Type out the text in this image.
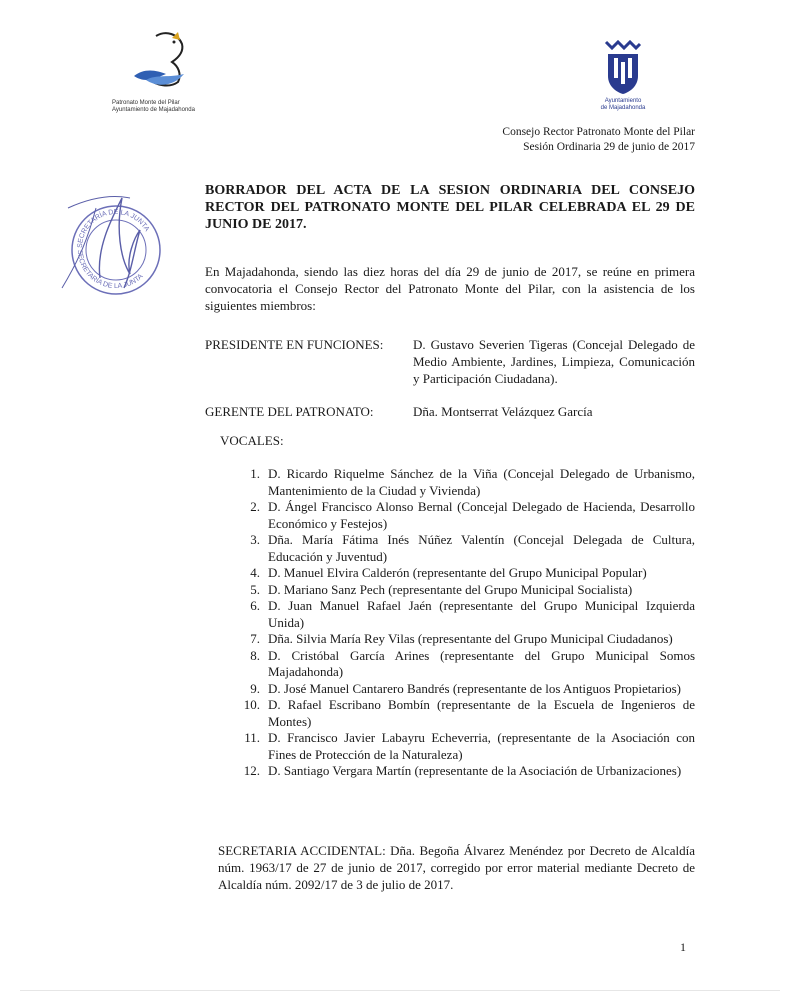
Patronato Monte del Pilar
Ayuntamiento de Majadahonda
Ayuntamiento
de Majadahonda
Consejo Rector Patronato Monte del Pilar
Sesión Ordinaria 29 de junio de 2017
SECRETARÍA DE LA JUNTA
SECRETARIA DE LA JUNTA
BORRADOR DEL ACTA DE LA SESION ORDINARIA DEL CONSEJO RECTOR DEL PATRONATO MONTE DEL PILAR CELEBRADA EL 29 DE JUNIO DE 2017.
En Majadahonda, siendo las diez horas del día 29 de junio de 2017, se reúne en primera convocatoria el Consejo Rector del Patronato Monte del Pilar, con la asistencia de los siguientes miembros:
PRESIDENTE EN FUNCIONES: D. Gustavo Severien Tigeras (Concejal Delegado de Medio Ambiente, Jardines, Limpieza, Comunicación y Participación Ciudadana).
GERENTE DEL PATRONATO:	Dña. Montserrat Velázquez García
VOCALES:
1. D. Ricardo Riquelme Sánchez de la Viña (Concejal Delegado de Urbanismo, Mantenimiento de la Ciudad y Vivienda)
2. D. Ángel Francisco Alonso Bernal (Concejal Delegado de Hacienda, Desarrollo Económico y Festejos)
3. Dña. María Fátima Inés Núñez Valentín (Concejal Delegada de Cultura, Educación y Juventud)
4. D. Manuel Elvira Calderón (representante del Grupo Municipal Popular)
5. D. Mariano Sanz Pech (representante del Grupo Municipal Socialista)
6. D. Juan Manuel Rafael Jaén (representante del Grupo Municipal Izquierda Unida)
7. Dña. Silvia María Rey Vilas (representante del Grupo Municipal Ciudadanos)
8. D. Cristóbal García Arines (representante del Grupo Municipal Somos Majadahonda)
9. D. José Manuel Cantarero Bandrés (representante de los Antiguos Propietarios)
10. D. Rafael Escribano Bombín (representante de la Escuela de Ingenieros de Montes)
11. D. Francisco Javier Labayru Echeverria, (representante de la Asociación con Fines de Protección de la Naturaleza)
12. D. Santiago Vergara Martín (representante de la Asociación de Urbanizaciones)
SECRETARIA ACCIDENTAL: Dña. Begoña Álvarez Menéndez por Decreto de Alcaldía núm. 1963/17 de 27 de junio de 2017, corregido por error material mediante Decreto de Alcaldía núm. 2092/17 de 3 de julio de 2017.
1
